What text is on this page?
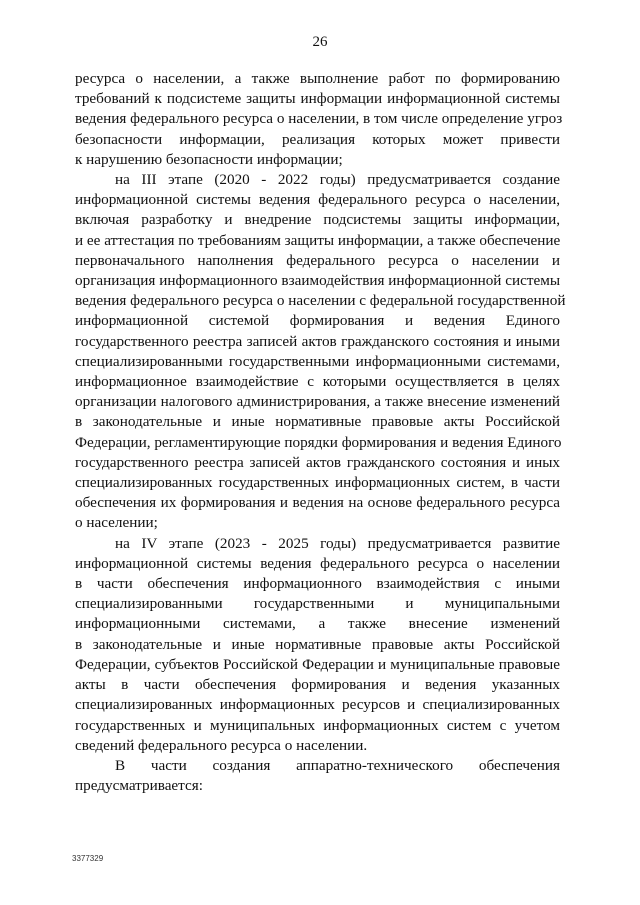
26
ресурса о населении, а также выполнение работ по формированию
требований к подсистеме защиты информации информационной системы
ведения федерального ресурса о населении, в том числе определение угроз
безопасности информации, реализация которых может привести
к нарушению безопасности информации;
на III этапе (2020 - 2022 годы) предусматривается создание
информационной системы ведения федерального ресурса о населении,
включая разработку и внедрение подсистемы защиты информации,
и ее аттестация по требованиям защиты информации, а также обеспечение
первоначального наполнения федерального ресурса о населении и
организация информационного взаимодействия информационной системы
ведения федерального ресурса о населении с федеральной государственной
информационной системой формирования и ведения Единого
государственного реестра записей актов гражданского состояния и иными
специализированными государственными информационными системами,
информационное взаимодействие с которыми осуществляется в целях
организации налогового администрирования, а также внесение изменений
в законодательные и иные нормативные правовые акты Российской
Федерации, регламентирующие порядки формирования и ведения Единого
государственного реестра записей актов гражданского состояния и иных
специализированных государственных информационных систем, в части
обеспечения их формирования и ведения на основе федерального ресурса
о населении;
на IV этапе (2023 - 2025 годы) предусматривается развитие
информационной системы ведения федерального ресурса о населении
в части обеспечения информационного взаимодействия с иными
специализированными государственными и муниципальными
информационными системами, а также внесение изменений
в законодательные и иные нормативные правовые акты Российской
Федерации, субъектов Российской Федерации и муниципальные правовые
акты в части обеспечения формирования и ведения указанных
специализированных информационных ресурсов и специализированных
государственных и муниципальных информационных систем с учетом
сведений федерального ресурса о населении.
В части создания аппаратно-технического обеспечения
предусматривается:
3377329
